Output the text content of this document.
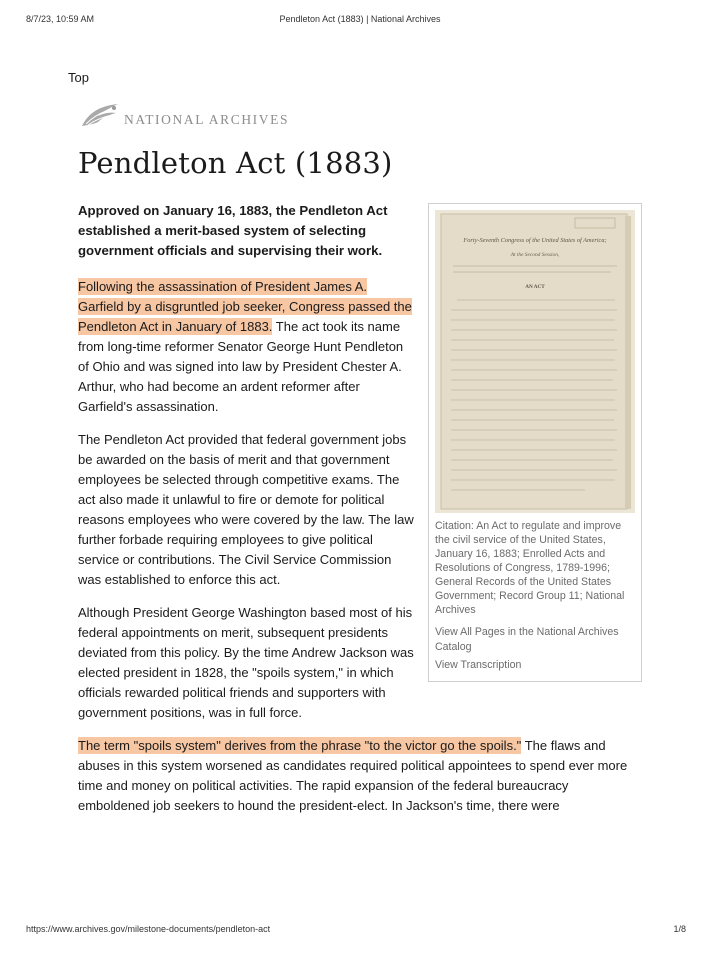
8/7/23, 10:59 AM	Pendleton Act (1883) | National Archives
Top
NATIONAL ARCHIVES
Pendleton Act (1883)
Forty-Seventh Congress of the United States of America;
At the Second Session,
AN ACT
Citation: An Act to regulate and improve the civil service of the United States, January 16, 1883; Enrolled Acts and Resolutions of Congress, 1789-1996; General Records of the United States Government; Record Group 11; National Archives
View All Pages in the National Archives Catalog
View Transcription

Approved on January 16, 1883, the Pendleton Act established a merit-based system of selecting government officials and supervising their work.

Following the assassination of President James A. Garfield by a disgruntled job seeker, Congress passed the Pendleton Act in January of 1883. The act took its name from long-time reformer Senator George Hunt Pendleton of Ohio and was signed into law by President Chester A. Arthur, who had become an ardent reformer after Garfield's assassination.

The Pendleton Act provided that federal government jobs be awarded on the basis of merit and that government employees be selected through competitive exams. The act also made it unlawful to fire or demote for political reasons employees who were covered by the law. The law further forbade requiring employees to give political service or contributions. The Civil Service Commission was established to enforce this act.

Although President George Washington based most of his federal appointments on merit, subsequent presidents deviated from this policy. By the time Andrew Jackson was elected president in 1828, the "spoils system," in which officials rewarded political friends and supporters with government positions, was in full force.

The term "spoils system" derives from the phrase "to the victor go the spoils." The flaws and abuses in this system worsened as candidates required political appointees to spend ever more time and money on political activities. The rapid expansion of the federal bureaucracy emboldened job seekers to hound the president-elect. In Jackson's time, there were

https://www.archives.gov/milestone-documents/pendleton-act	1/8
